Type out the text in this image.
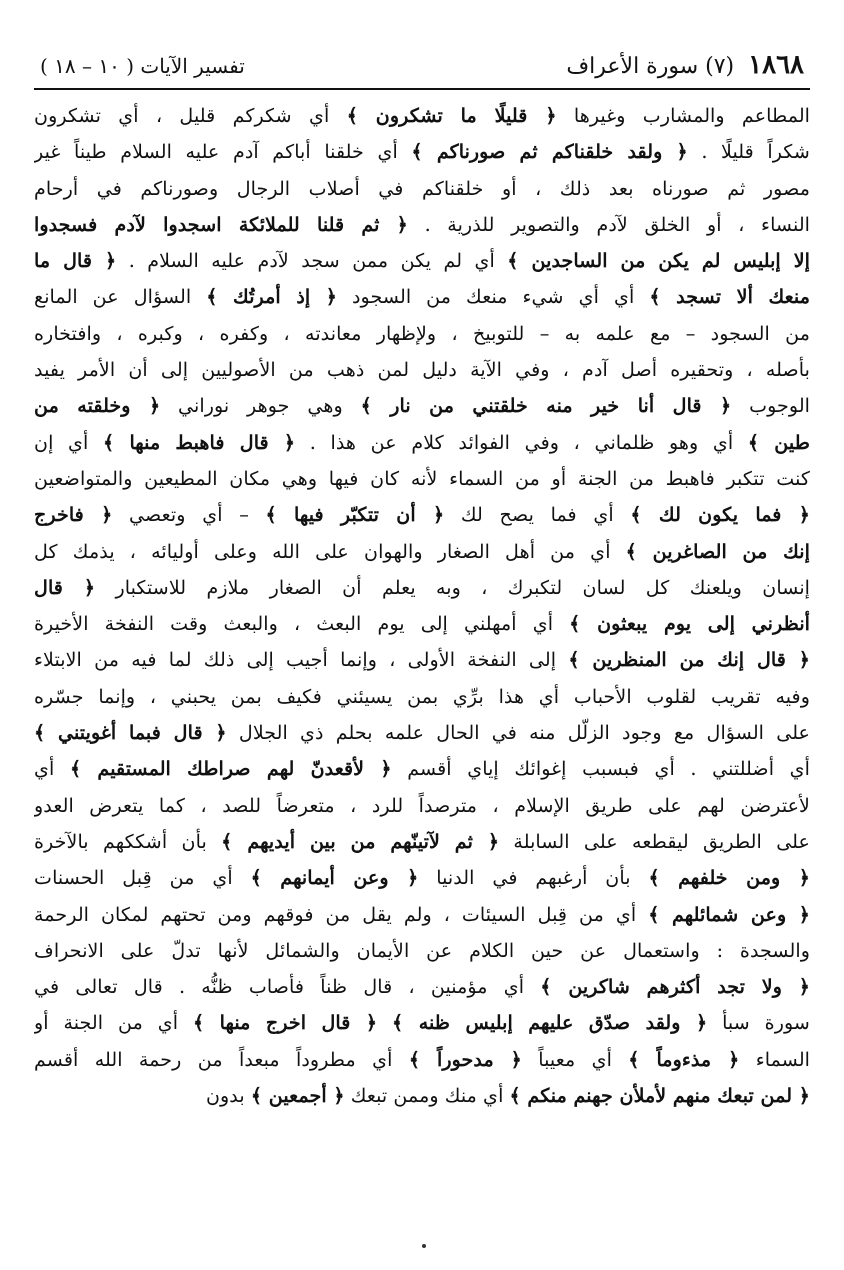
١٨٦٨
(٧) سورة الأعراف
تفسير الآيات ( ١٠ – ١٨ )
المطاعم والمشارب وغيرها ﴿ قليلًا ما تشكرون ﴾ أي شكركم قليل ، أي تشكرون
شكراً قليلًا . ﴿ ولقد خلقناكم ثم صورناكم ﴾ أي خلقنا أباكم آدم عليه السلام طيناً غير
مصور ثم صورناه بعد ذلك ، أو خلقناكم في أصلاب الرجال وصورناكم في أرحام
النساء ، أو الخلق لآدم والتصوير للذرية . ﴿ ثم قلنا للملائكة اسجدوا لآدم فسجدوا
إلا إبليس لم يكن من الساجدين ﴾ أي لم يكن ممن سجد لآدم عليه السلام . ﴿ قال ما
منعك ألا تسجد ﴾ أي أي شيء منعك من السجود ﴿ إذ أمرتُك ﴾ السؤال عن المانع
من السجود – مع علمه به – للتوبيخ ، ولإظهار معاندته ، وكفره ، وكبره ، وافتخاره
بأصله ، وتحقيره أصل آدم ، وفي الآية دليل لمن ذهب من الأصوليين إلى أن الأمر يفيد
الوجوب ﴿ قال أنا خير منه خلقتني من نار ﴾ وهي جوهر نوراني ﴿ وخلقته من
طين ﴾ أي وهو ظلماني ، وفي الفوائد كلام عن هذا . ﴿ قال فاهبط منها ﴾ أي إن
كنت تتكبر فاهبط من الجنة أو من السماء لأنه كان فيها وهي مكان المطيعين والمتواضعين
﴿ فما يكون لك ﴾ أي فما يصح لك ﴿ أن تتكبّر فيها ﴾ – أي وتعصي ﴿ فاخرج
إنك من الصاغرين ﴾ أي من أهل الصغار والهوان على الله وعلى أوليائه ، يذمك كل
إنسان ويلعنك كل لسان لتكبرك ، وبه يعلم أن الصغار ملازم للاستكبار ﴿ قال
أنظرني إلى يوم يبعثون ﴾ أي أمهلني إلى يوم البعث ، والبعث وقت النفخة الأخيرة
﴿ قال إنك من المنظرين ﴾ إلى النفخة الأولى ، وإنما أجيب إلى ذلك لما فيه من الابتلاء
وفيه تقريب لقلوب الأحباب أي هذا برِّي بمن يسيئني فكيف بمن يحبني ، وإنما جسّره
على السؤال مع وجود الزلّل منه في الحال علمه بحلم ذي الجلال ﴿ قال فبما أغويتني ﴾
أي أضللتني . أي فبسبب إغوائك إياي أقسم ﴿ لأقعدنّ لهم صراطك المستقيم ﴾ أي
لأعترضن لهم على طريق الإسلام ، مترصداً للرد ، متعرضاً للصد ، كما يتعرض العدو
على الطريق ليقطعه على السابلة ﴿ ثم لآتينّهم من بين أيديهم ﴾ بأن أشككهم بالآخرة
﴿ ومن خلفهم ﴾ بأن أرغبهم في الدنيا ﴿ وعن أيمانهم ﴾ أي من قِبل الحسنات
﴿ وعن شمائلهم ﴾ أي من قِبل السيئات ، ولم يقل من فوقهم ومن تحتهم لمكان الرحمة
والسجدة : واستعمال عن حين الكلام عن الأيمان والشمائل لأنها تدلّ على الانحراف
﴿ ولا تجد أكثرهم شاكرين ﴾ أي مؤمنين ، قال ظناً فأصاب ظنُّه . قال تعالى في
سورة سبأ ﴿ ولقد صدّق عليهم إبليس ظنه ﴾ ﴿ قال اخرج منها ﴾ أي من الجنة أو
السماء ﴿ مذءوماً ﴾ أي معيباً ﴿ مدحوراً ﴾ أي مطروداً مبعداً من رحمة الله أقسم
﴿ لمن تبعك منهم لأملأن جهنم منكم ﴾ أي منك وممن تبعك ﴿ أجمعين ﴾ بدون
